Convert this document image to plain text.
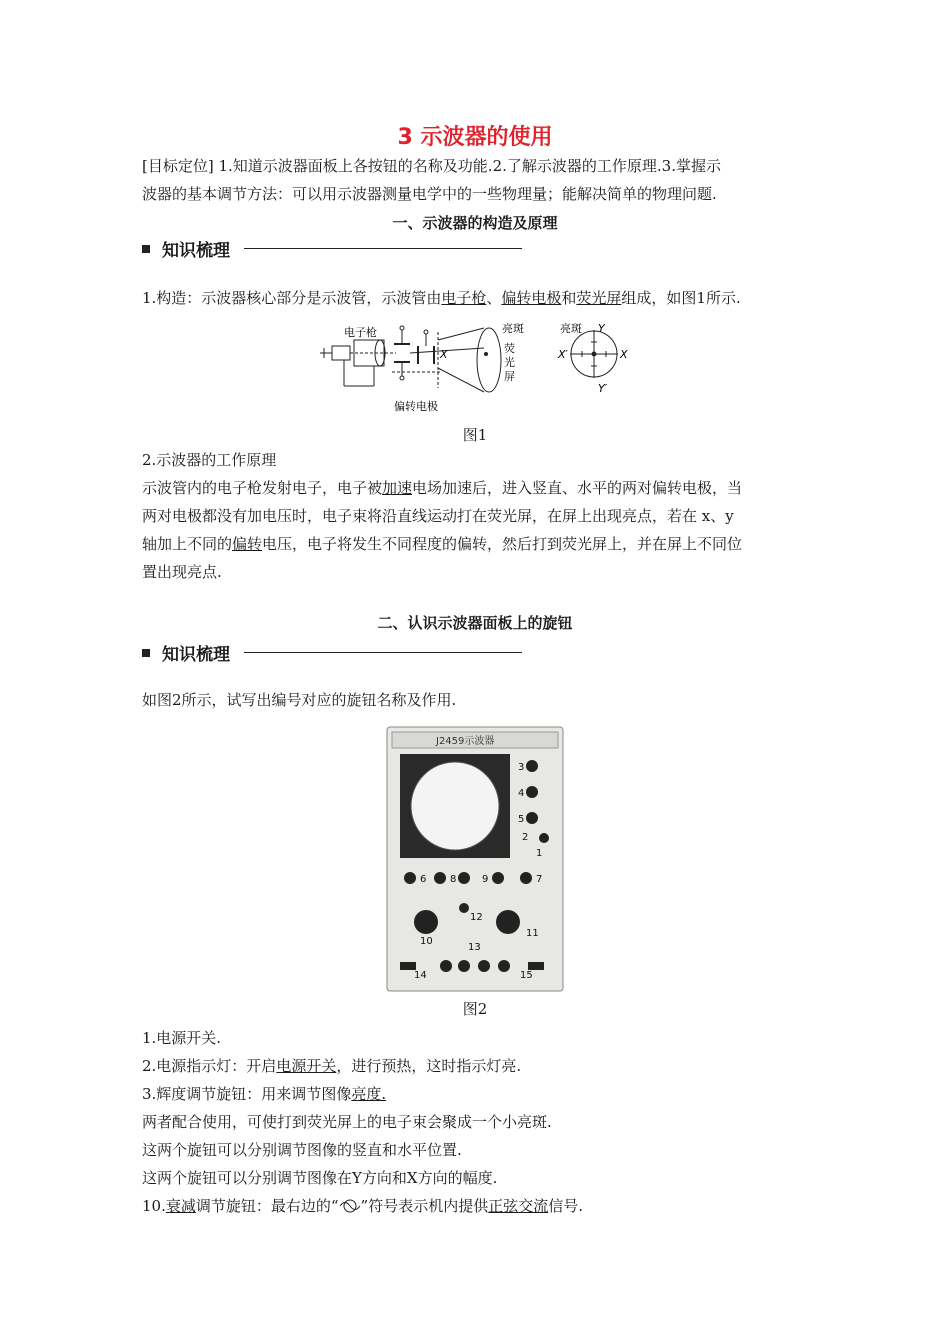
3 示波器的使用
[目标定位] 1.知道示波器面板上各按钮的名称及功能.2.了解示波器的工作原理.3.掌握示
波器的基本调节方法：可以用示波器测量电学中的一些物理量；能解决简单的物理问题.
一、示波器的构造及原理
知识梳理
1.构造：示波器核心部分是示波管，示波管由电子枪、偏转电极和荧光屏组成，如图1所示.
电子枪
偏转电极
亮斑
荧
光
屏
亮斑
X	X
X′
Y
Y′
图1
2.示波器的工作原理
示波管内的电子枪发射电子，电子被加速电场加速后，进入竖直、水平的两对偏转电极，当
两对电极都没有加电压时，电子束将沿直线运动打在荧光屏，在屏上出现亮点，若在 x、y
轴加上不同的偏转电压，电子将发生不同程度的偏转，然后打到荧光屏上，并在屏上不同位
置出现亮点.
二、认识示波器面板上的旋钮
知识梳理
如图2所示，试写出编号对应的旋钮名称及作用.
J2459示波器
3
4
5
2
1
6 8	9	7
12
10
13
11
14	15
图2
1.电源开关.
2.电源指示灯：开启电源开关，进行预热，这时指示灯亮.
3.辉度调节旋钮：用来调节图像亮度.
两者配合使用，可使打到荧光屏上的电子束会聚成一个小亮斑.
这两个旋钮可以分别调节图像的竖直和水平位置.
这两个旋钮可以分别调节图像在Y方向和X方向的幅度.
10.衰减调节旋钮：最右边的“ ”符号表示机内提供正弦交流信号.
